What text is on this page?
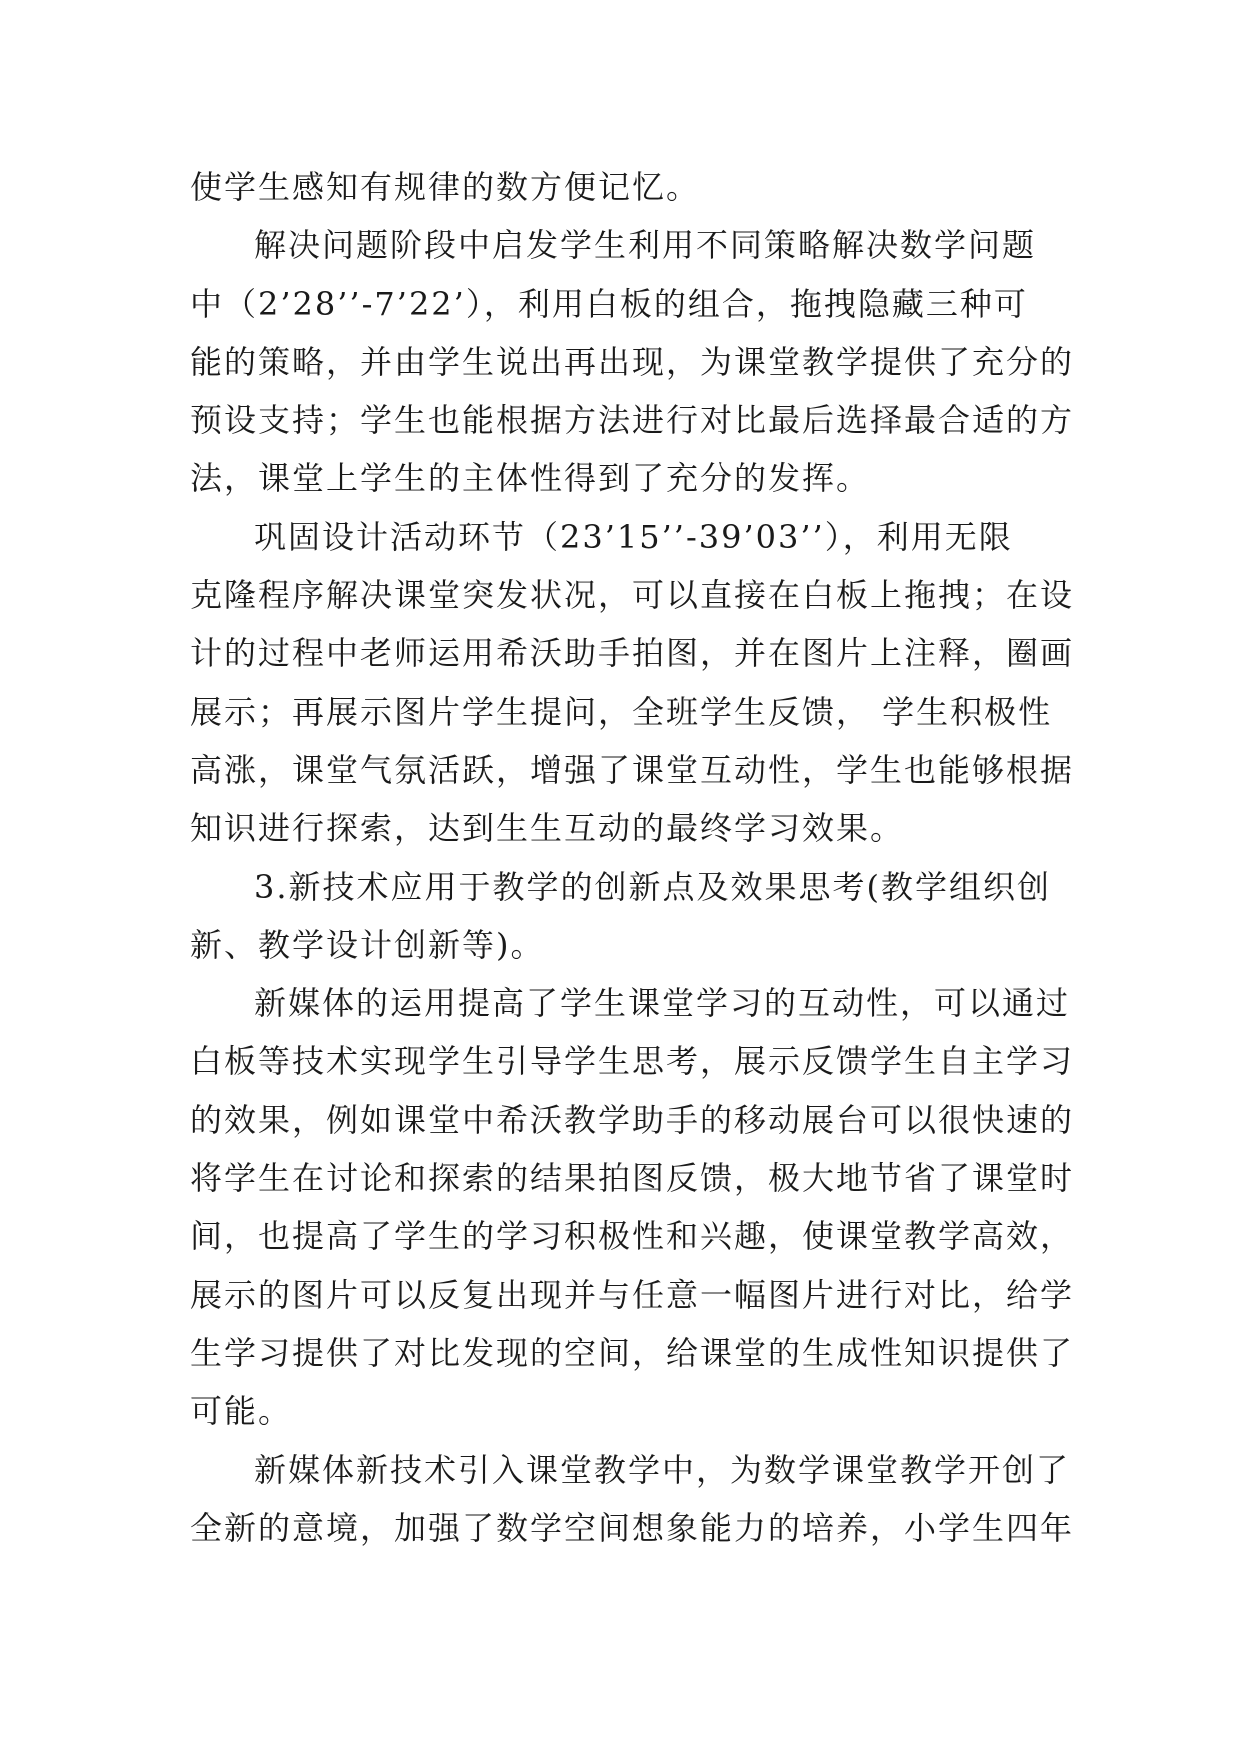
使学生感知有规律的数方便记忆。
解决问题阶段中启发学生利用不同策略解决数学问题
中（2’28’’-7’22’），利用白板的组合，拖拽隐藏三种可
能的策略，并由学生说出再出现，为课堂教学提供了充分的
预设支持；学生也能根据方法进行对比最后选择最合适的方
法，课堂上学生的主体性得到了充分的发挥。
巩固设计活动环节（23’15’’-39’03’’），利用无限
克隆程序解决课堂突发状况，可以直接在白板上拖拽；在设
计的过程中老师运用希沃助手拍图，并在图片上注释，圈画
展示；再展示图片学生提问，全班学生反馈， 学生积极性
高涨，课堂气氛活跃，增强了课堂互动性，学生也能够根据
知识进行探索，达到生生互动的最终学习效果。
3.新技术应用于教学的创新点及效果思考(教学组织创
新、教学设计创新等)。
新媒体的运用提高了学生课堂学习的互动性，可以通过
白板等技术实现学生引导学生思考，展示反馈学生自主学习
的效果，例如课堂中希沃教学助手的移动展台可以很快速的
将学生在讨论和探索的结果拍图反馈，极大地节省了课堂时
间，也提高了学生的学习积极性和兴趣，使课堂教学高效，
展示的图片可以反复出现并与任意一幅图片进行对比，给学
生学习提供了对比发现的空间，给课堂的生成性知识提供了
可能。
新媒体新技术引入课堂教学中，为数学课堂教学开创了
全新的意境，加强了数学空间想象能力的培养，小学生四年
